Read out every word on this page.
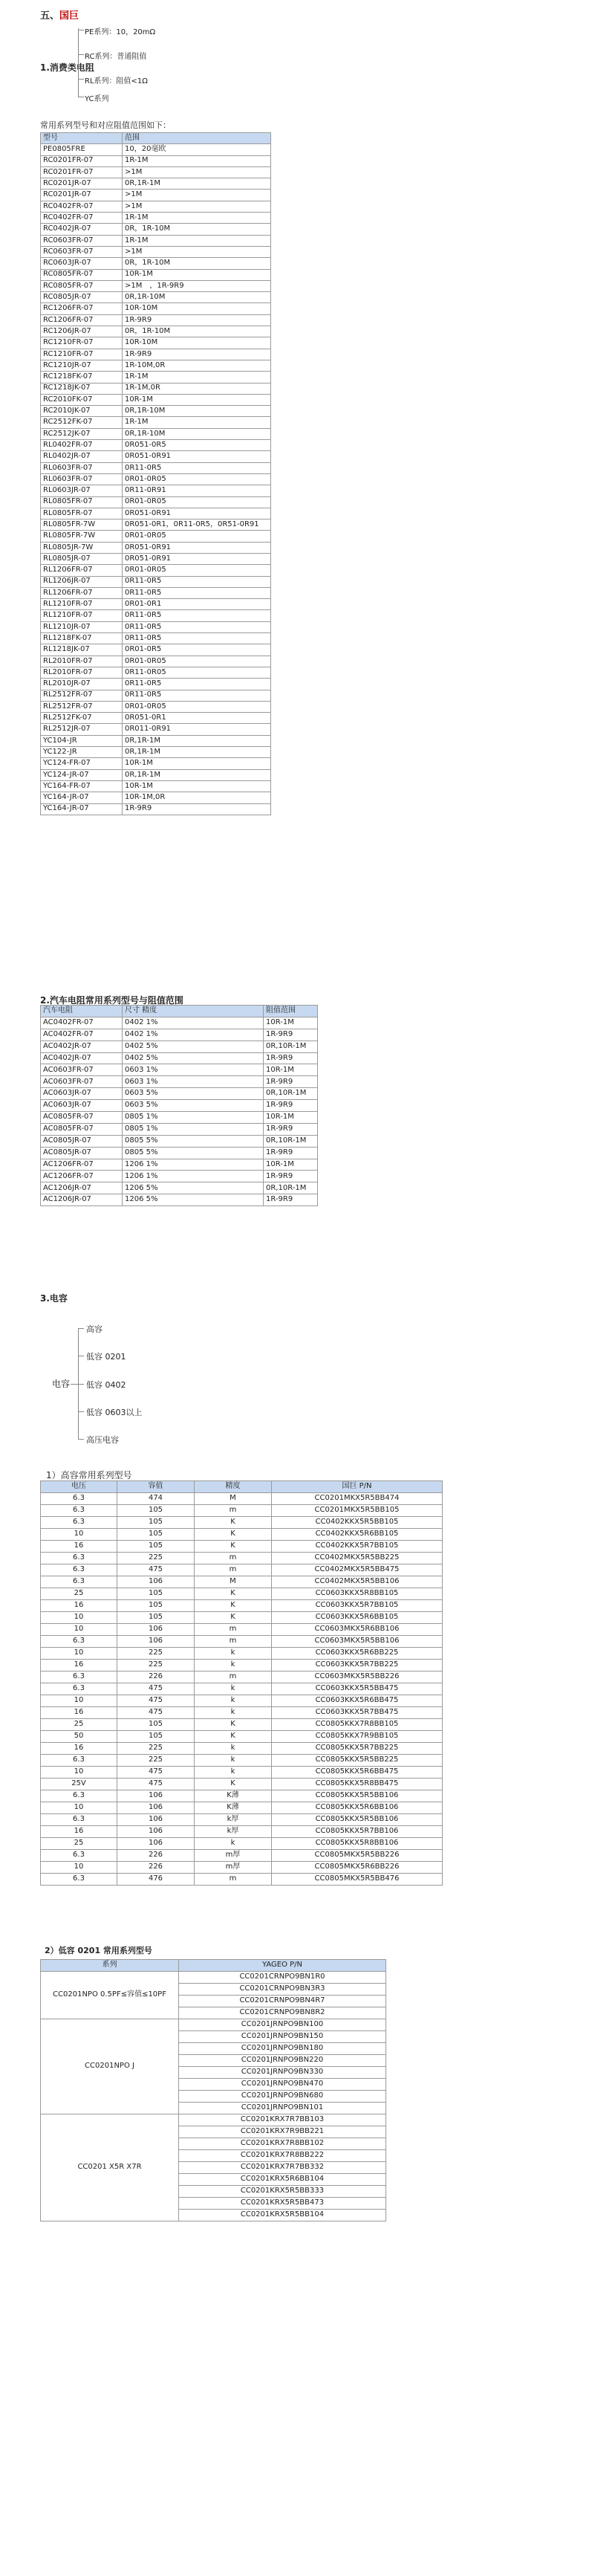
五、国巨
1.消费类电阻
PE系列：10，20mΩ
RC系列：普通阻值
RL系列：阻值<1Ω
YC系列
常用系列型号和对应阻值范围如下：
型号	范围
PE0805FRE	10，20毫欧
RC0201FR-07	1R-1M
RC0201FR-07	>1M
RC0201JR-07	0R,1R-1M
RC0201JR-07	>1M
RC0402FR-07	>1M
RC0402FR-07	1R-1M
RC0402JR-07	0R，1R-10M
RC0603FR-07	1R-1M
RC0603FR-07	>1M
RC0603JR-07	0R，1R-10M
RC0805FR-07	10R-1M
RC0805FR-07	>1M　，1R-9R9
RC0805JR-07	0R,1R-10M
RC1206FR-07	10R-10M
RC1206FR-07	1R-9R9
RC1206JR-07	0R，1R-10M
RC1210FR-07	10R-10M
RC1210FR-07	1R-9R9
RC1210JR-07	1R-10M,0R
RC1218FK-07	1R-1M
RC1218JK-07	1R-1M,0R
RC2010FK-07	10R-1M
RC2010JK-07	0R,1R-10M
RC2512FK-07	1R-1M
RC2512JK-07	0R,1R-10M
RL0402FR-07	0R051-0R5
RL0402JR-07	0R051-0R91
RL0603FR-07	0R11-0R5
RL0603FR-07	0R01-0R05
RL0603JR-07	0R11-0R91
RL0805FR-07	0R01-0R05
RL0805FR-07	0R051-0R91
RL0805FR-7W	0R051-0R1，0R11-0R5，0R51-0R91
RL0805FR-7W	0R01-0R05
RL0805JR-7W	0R051-0R91
RL0805JR-07	0R051-0R91
RL1206FR-07	0R01-0R05
RL1206JR-07	0R11-0R5
RL1206FR-07	0R11-0R5
RL1210FR-07	0R01-0R1
RL1210FR-07	0R11-0R5
RL1210JR-07	0R11-0R5
RL1218FK-07	0R11-0R5
RL1218JK-07	0R01-0R5
RL2010FR-07	0R01-0R05
RL2010FR-07	0R11-0R05
RL2010JR-07	0R11-0R5
RL2512FR-07	0R11-0R5
RL2512FR-07	0R01-0R05
RL2512FK-07	0R051-0R1
RL2512JR-07	0R011-0R91
YC104-JR	0R,1R-1M
YC122-JR	0R,1R-1M
YC124-FR-07	10R-1M
YC124-JR-07	0R,1R-1M
YC164-FR-07	10R-1M
YC164-JR-07	10R-1M,0R
YC164-JR-07	1R-9R9
2.汽车电阻常用系列型号与阻值范围
汽车电阻	尺寸 精度	阻值范围
AC0402FR-07	0402 1%	10R-1M
AC0402FR-07	0402 1%	1R-9R9
AC0402JR-07	0402 5%	0R,10R-1M
AC0402JR-07	0402 5%	1R-9R9
AC0603FR-07	0603 1%	10R-1M
AC0603FR-07	0603 1%	1R-9R9
AC0603JR-07	0603 5%	0R,10R-1M
AC0603JR-07	0603 5%	1R-9R9
AC0805FR-07	0805 1%	10R-1M
AC0805FR-07	0805 1%	1R-9R9
AC0805JR-07	0805 5%	0R,10R-1M
AC0805JR-07	0805 5%	1R-9R9
AC1206FR-07	1206 1%	10R-1M
AC1206FR-07	1206 1%	1R-9R9
AC1206JR-07	1206 5%	0R,10R-1M
AC1206JR-07	1206 5%	1R-9R9
3.电容
电容
高容
低容 0201
低容 0402
低容 0603以上
高压电容
1）高容常用系列型号
电压	容值	精度	国巨 P/N
6.3	474	M	CC0201MKX5R5BB474
6.3	105	m	CC0201MKX5R5BB105
6.3	105	K	CC0402KKX5R5BB105
10	105	K	CC0402KKX5R6BB105
16	105	K	CC0402KKX5R7BB105
6.3	225	m	CC0402MKX5R5BB225
6.3	475	m	CC0402MKX5R5BB475
6.3	106	M	CC0402MKX5R5BB106
25	105	K	CC0603KKX5R8BB105
16	105	K	CC0603KKX5R7BB105
10	105	K	CC0603KKX5R6BB105
10	106	m	CC0603MKX5R6BB106
6.3	106	m	CC0603MKX5R5BB106
10	225	k	CC0603KKX5R6BB225
16	225	k	CC0603KKX5R7BB225
6.3	226	m	CC0603MKX5R5BB226
6.3	475	k	CC0603KKX5R5BB475
10	475	k	CC0603KKX5R6BB475
16	475	k	CC0603KKX5R7BB475
25	105	K	CC0805KKX7R8BB105
50	105	K	CC0805KKX7R9BB105
16	225	k	CC0805KKX5R7BB225
6.3	225	k	CC0805KKX5R5BB225
10	475	k	CC0805KKX5R6BB475
25V	475	K	CC0805KKX5R8BB475
6.3	106	K薄	CC0805KKX5R5BB106
10	106	K薄	CC0805KKX5R6BB106
6.3	106	k厚	CC0805KKX5R5BB106
16	106	k厚	CC0805KKX5R7BB106
25	106	k	CC0805KKX5R8BB106
6.3	226	m厚	CC0805MKX5R5BB226
10	226	m厚	CC0805MKX5R6BB226
6.3	476	m	CC0805MKX5R5BB476
2）低容 0201 常用系列型号
系列	YAGEO P/N
CC0201NPO 0.5PF≤容值≤10PF	CC0201CRNPO9BN1R0
	CC0201CRNPO9BN3R3
	CC0201CRNPO9BN4R7
	CC0201CRNPO9BN8R2
CC0201NPO J	CC0201JRNPO9BN100
	CC0201JRNPO9BN150
	CC0201JRNPO9BN180
	CC0201JRNPO9BN220
	CC0201JRNPO9BN330
	CC0201JRNPO9BN470
	CC0201JRNPO9BN680
	CC0201JRNPO9BN101
CC0201 X5R X7R	CC0201KRX7R7BB103
	CC0201KRX7R9BB221
	CC0201KRX7R8BB102
	CC0201KRX7R8BB222
	CC0201KRX7R7BB332
	CC0201KRX5R6BB104
	CC0201KRX5R5BB333
	CC0201KRX5R5BB473
	CC0201KRX5R5BB104
